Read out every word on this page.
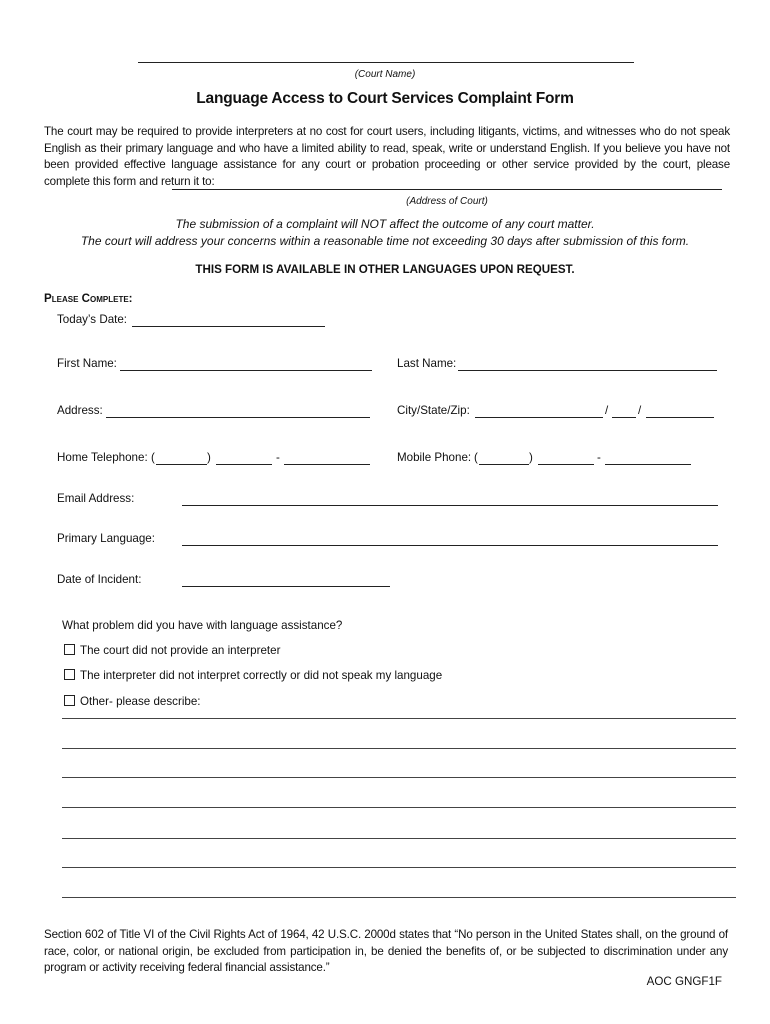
(Court Name)
Language Access to Court Services Complaint Form
The court may be required to provide interpreters at no cost for court users, including litigants, victims, and witnesses who do not speak English as their primary language and who have a limited ability to read, speak, write or understand English. If you believe you have not been provided effective language assistance for any court or probation proceeding or other service provided by the court, please complete this form and return it to:
(Address of Court)
The submission of a complaint will NOT affect the outcome of any court matter.
The court will address your concerns within a reasonable time not exceeding 30 days after submission of this form.
THIS FORM IS AVAILABLE IN OTHER LANGUAGES UPON REQUEST.
Please Complete:
Today’s Date:
First Name:	Last Name:
Address:	City/State/Zip:	/	/
Home Telephone: (	)	-	Mobile Phone: (	)	-
Email Address:
Primary Language:
Date of Incident:
What problem did you have with language assistance?
The court did not provide an interpreter
The interpreter did not interpret correctly or did not speak my language
Other- please describe:
Section 602 of Title VI of the Civil Rights Act of 1964, 42 U.S.C. 2000d states that “No person in the United States shall, on the ground of race, color, or national origin, be excluded from participation in, be denied the benefits of, or be subjected to discrimination under any program or activity receiving federal financial assistance.”
AOC GNGF1F
